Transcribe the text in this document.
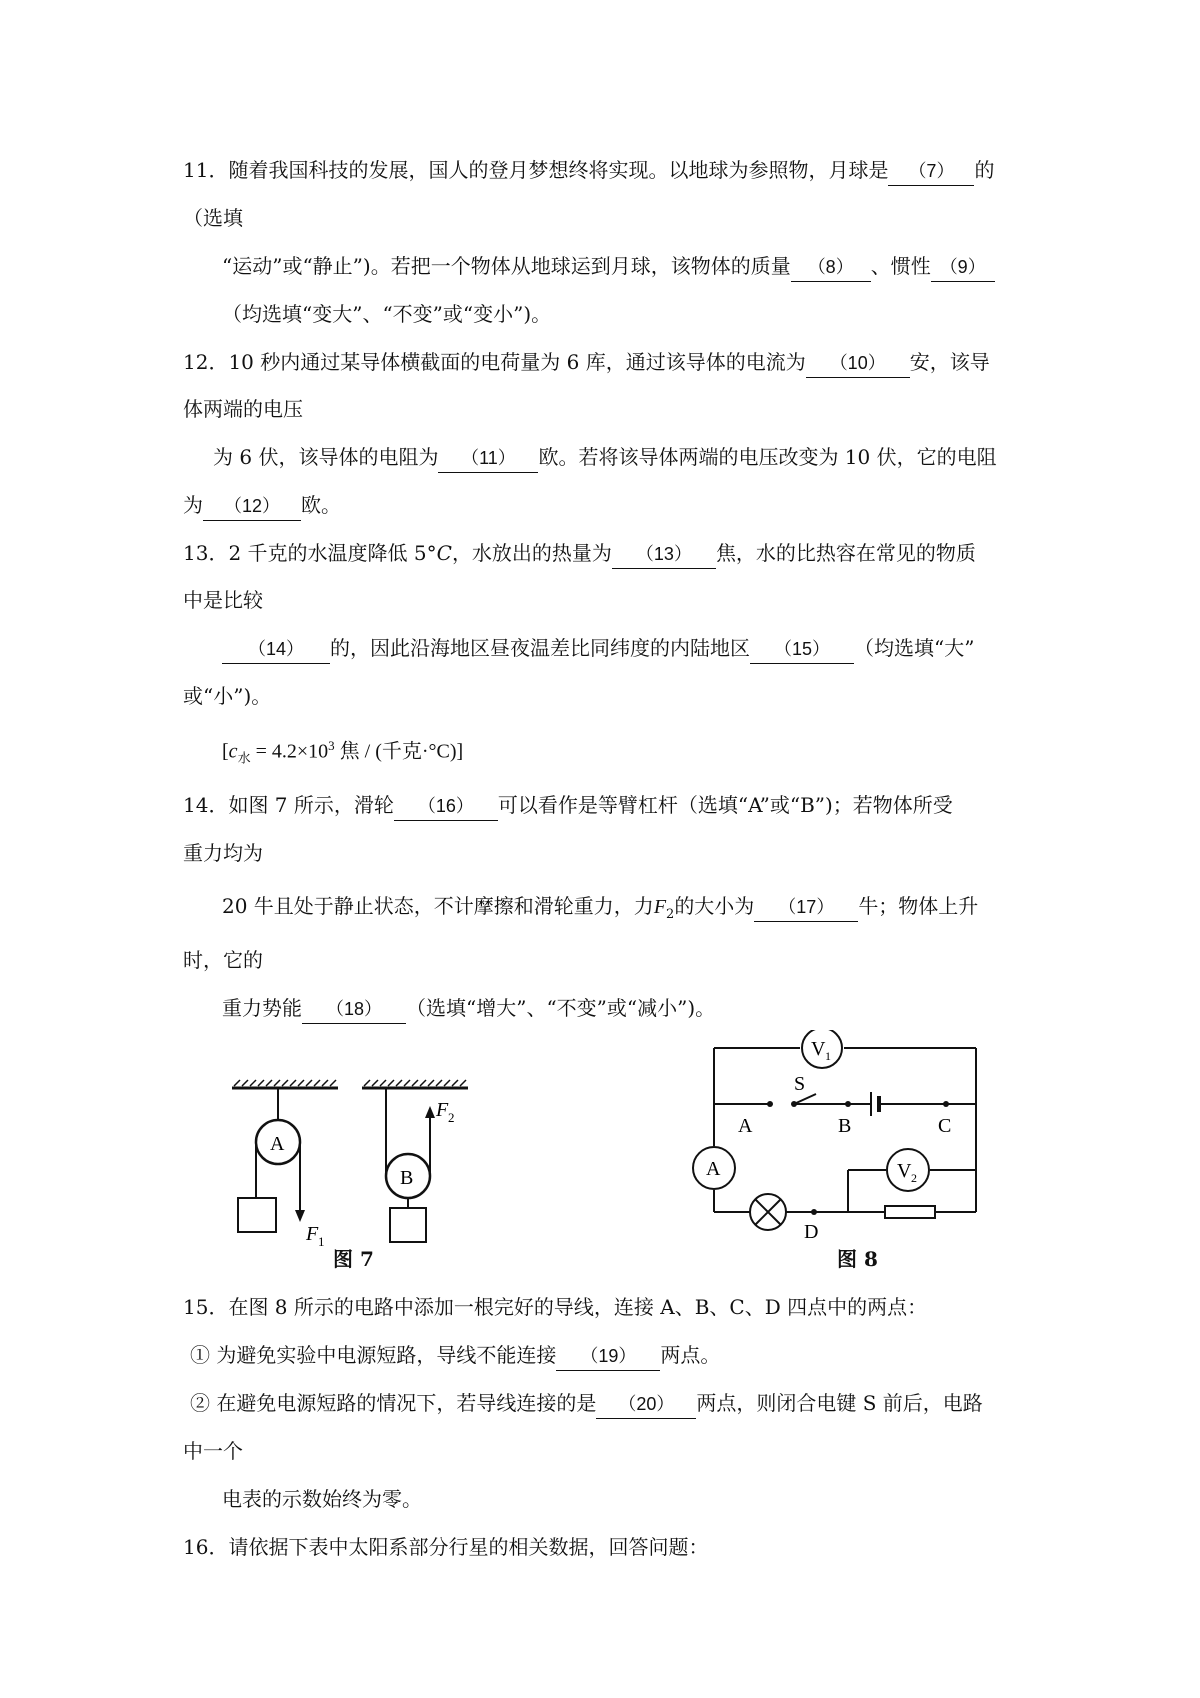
11．随着我国科技的发展，国人的登月梦想终将实现。以地球为参照物，月球是 （7） 的
（选填
“运动”或“静止”)。若把一个物体从地球运到月球，该物体的质量 （8） 、惯性 （9）
（均选填“变大”、“不变”或“变小”)。
12．10 秒内通过某导体横截面的电荷量为 6 库，通过该导体的电流为 （10） 安，该导
体两端的电压
为 6 伏，该导体的电阻为 （11） 欧。若将该导体两端的电压改变为 10 伏，它的电阻
为 （12） 欧。
13．2 千克的水温度降低 5°C，水放出的热量为 （13） 焦，水的比热容在常见的物质
中是比较
（14） 的，因此沿海地区昼夜温差比同纬度的内陆地区 （15） （均选填“大”
或“小”)。
[$c_水 = 4.2\times 10^3$ 焦 / (千克·°C)]
14．如图 7 所示，滑轮 （16） 可以看作是等臂杠杆（选填“A”或“B”)；若物体所受
重力均为
20 牛且处于静止状态，不计摩擦和滑轮重力，力$F_2$的大小为 （17） 牛；物体上升
时，它的
重力势能 （18） （选填“增大”、“不变”或“减小”)。
A
B
F 1
F 2
图 7
V 1
V 2
A
S
A	B	C
D
图 8
15．在图 8 所示的电路中添加一根完好的导线，连接 A、B、C、D 四点中的两点：
① 为避免实验中电源短路，导线不能连接 （19） 两点。
② 在避免电源短路的情况下，若导线连接的是 （20） 两点，则闭合电键 S 前后，电路
中一个
电表的示数始终为零。
16．请依据下表中太阳系部分行星的相关数据，回答问题：
